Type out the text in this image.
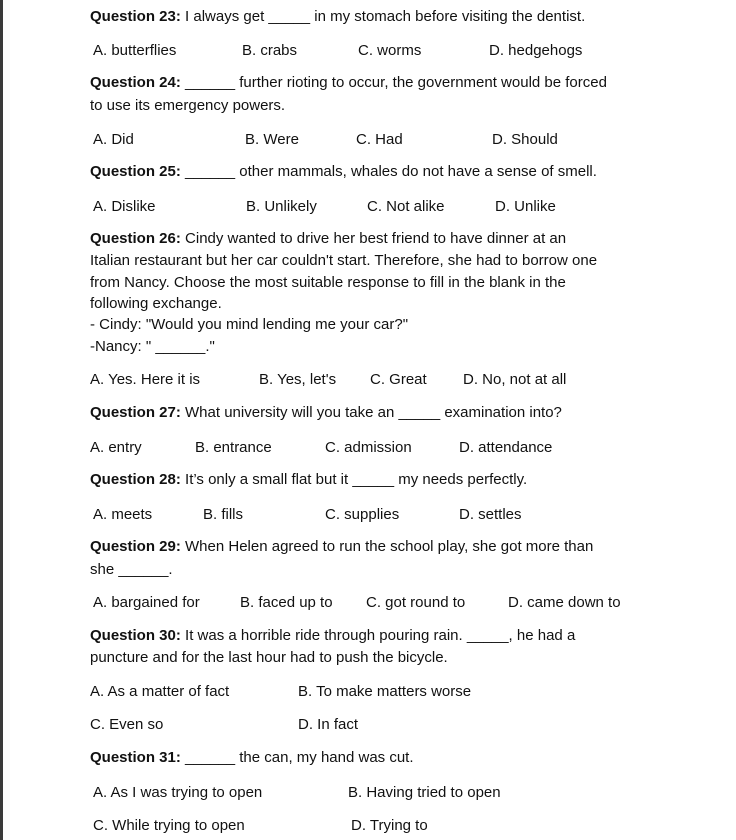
Question 23: I always get _____ in my stomach before visiting the dentist.
A. butterflies	B. crabs	C. worms	D. hedgehogs
Question 24: ______ further rioting to occur, the government would be forced
to use its emergency powers.
A. Did	B. Were	C. Had	D. Should
Question 25: ______ other mammals, whales do not have a sense of smell.
A. Dislike	B. Unlikely	C. Not alike	D. Unlike
Question 26: Cindy wanted to drive her best friend to have dinner at an
Italian restaurant but her car couldn't start. Therefore, she had to borrow one
from Nancy. Choose the most suitable response to fill in the blank in the
following exchange.
- Cindy: "Would you mind lending me your car?"
-Nancy: " ______."
A. Yes. Here it is	B. Yes, let's C. Great D. No, not at all
Question 27: What university will you take an _____ examination into?
A. entry	B. entrance	C. admission	D. attendance
Question 28: It’s only a small flat but it _____ my needs perfectly.
A. meets	B. fills	C. supplies	D. settles
Question 29: When Helen agreed to run the school play, she got more than
she ______.
A. bargained for	B. faced up to C. got round to	D. came down to
Question 30: It was a horrible ride through pouring rain. _____, he had a
puncture and for the last hour had to push the bicycle.
A. As a matter of fact	B. To make matters worse
C. Even so	D. In fact
Question 31: ______ the can, my hand was cut.
A. As I was trying to open	B. Having tried to open
C. While trying to open	D. Trying to
